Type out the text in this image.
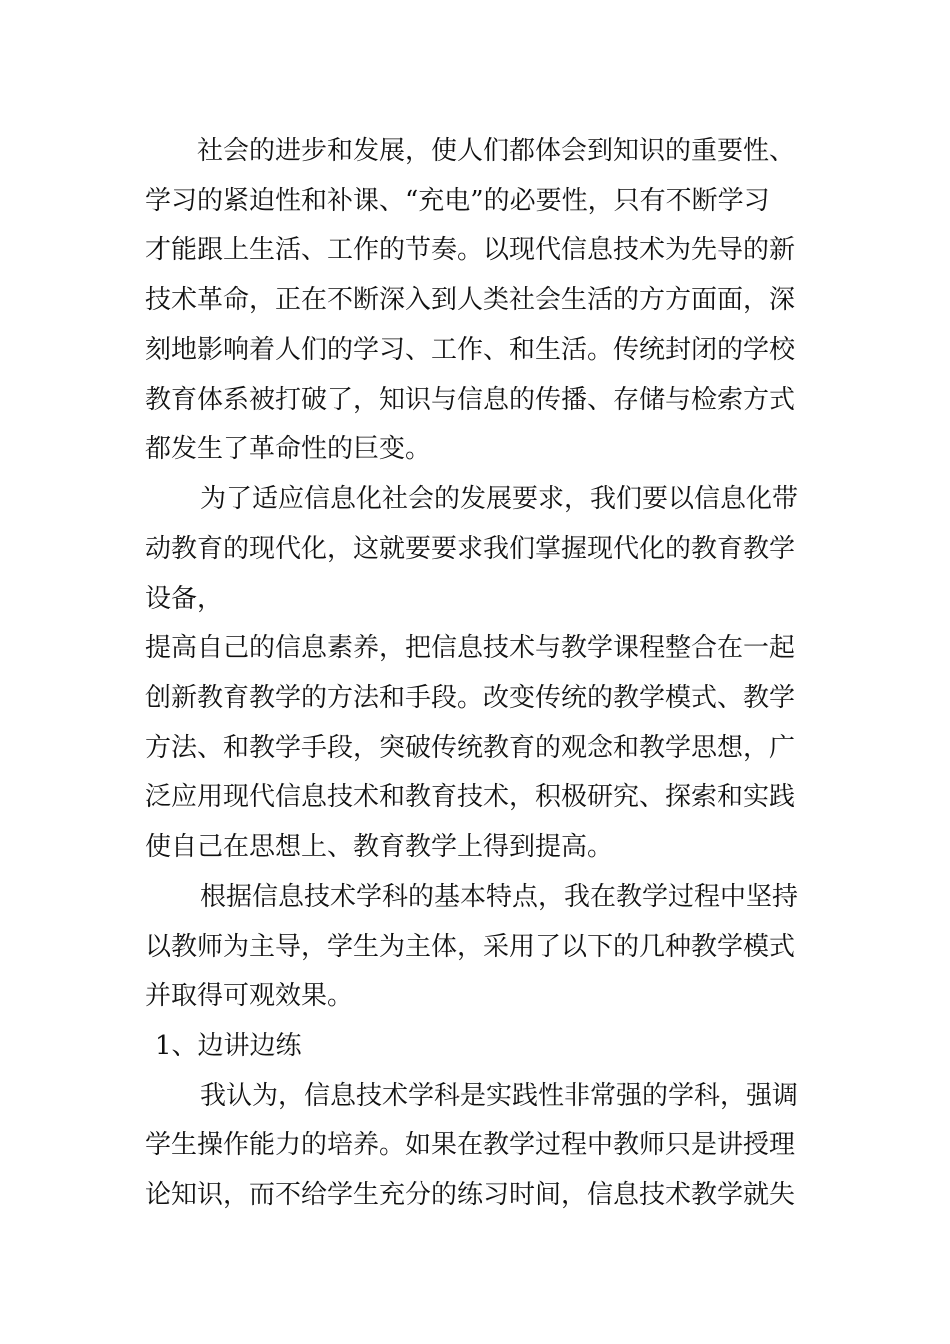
社会的进步和发展，使人们都体会到知识的重要性、
学习的紧迫性和补课、“充电”的必要性，只有不断学习
才能跟上生活、工作的节奏。以现代信息技术为先导的新
技术革命，正在不断深入到人类社会生活的方方面面，深
刻地影响着人们的学习、工作、和生活。传统封闭的学校
教育体系被打破了，知识与信息的传播、存储与检索方式
都发生了革命性的巨变。
为了适应信息化社会的发展要求，我们要以信息化带
动教育的现代化，这就要要求我们掌握现代化的教育教学
设备，
提高自己的信息素养，把信息技术与教学课程整合在一起
创新教育教学的方法和手段。改变传统的教学模式、教学
方法、和教学手段，突破传统教育的观念和教学思想，广
泛应用现代信息技术和教育技术，积极研究、探索和实践
使自己在思想上、教育教学上得到提高。
根据信息技术学科的基本特点，我在教学过程中坚持
以教师为主导，学生为主体，采用了以下的几种教学模式
并取得可观效果。
1、边讲边练
我认为，信息技术学科是实践性非常强的学科，强调
学生操作能力的培养。如果在教学过程中教师只是讲授理
论知识，而不给学生充分的练习时间，信息技术教学就失
